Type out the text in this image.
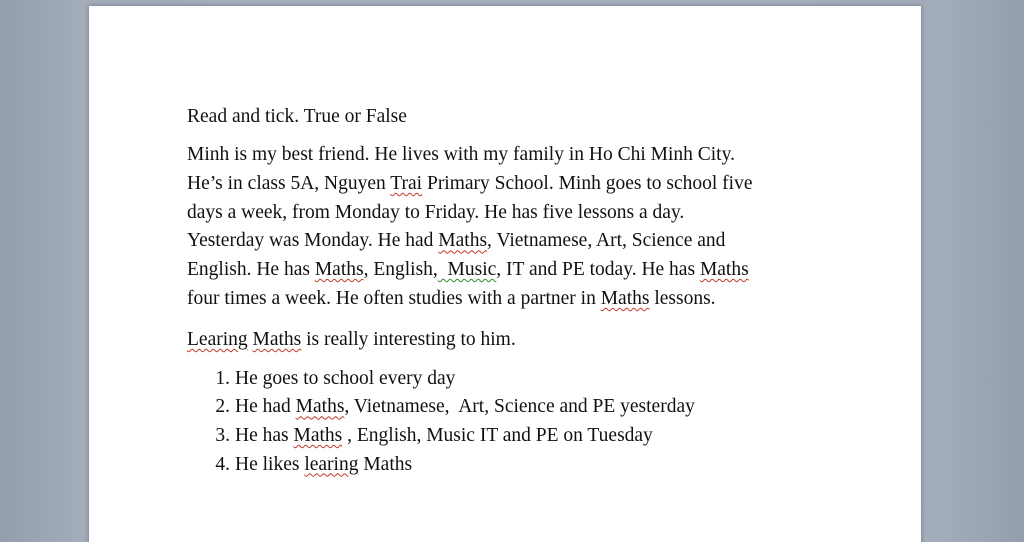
Read and tick. True or False

Minh is my best friend. He lives with my family in Ho Chi Minh City.
He’s in class 5A, Nguyen Trai Primary School. Minh goes to school five
days a week, from Monday to Friday. He has five lessons a day.
Yesterday was Monday. He had Maths, Vietnamese, Art, Science and
English. He has Maths, English,  Music, IT and PE today. He has Maths
four times a week. He often studies with a partner in Maths lessons.

Learing Maths is really interesting to him.

1. He goes to school every day
2. He had Maths, Vietnamese,  Art, Science and PE yesterday
3. He has Maths , English, Music IT and PE on Tuesday
4. He likes learing Maths
